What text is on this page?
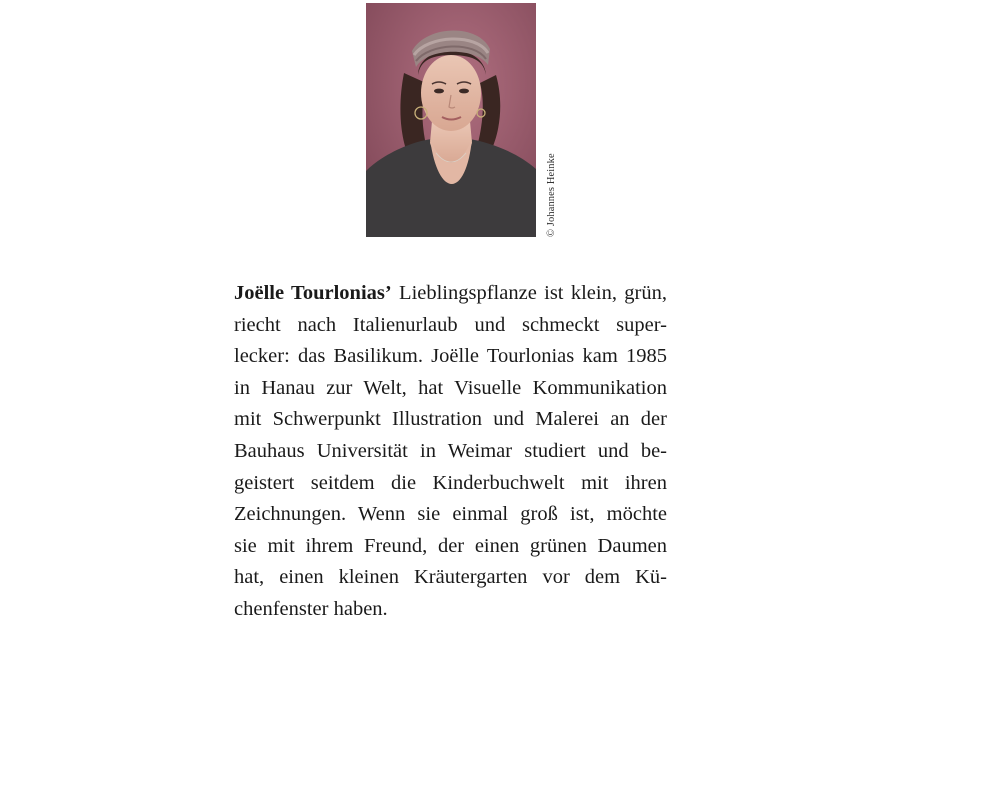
© Johannes Heinke
Joëlle Tourlonias’ Lieblingspflanze ist klein, grün,
riecht nach Italienurlaub und schmeckt super-
lecker: das Basilikum. Joëlle Tourlonias kam 1985
in Hanau zur Welt, hat Visuelle Kommunikation
mit Schwerpunkt Illustration und Malerei an der
Bauhaus Universität in Weimar studiert und be-
geistert seitdem die Kinderbuchwelt mit ihren
Zeichnungen. Wenn sie einmal groß ist, möchte
sie mit ihrem Freund, der einen grünen Daumen
hat, einen kleinen Kräutergarten vor dem Kü-
chenfenster haben.
